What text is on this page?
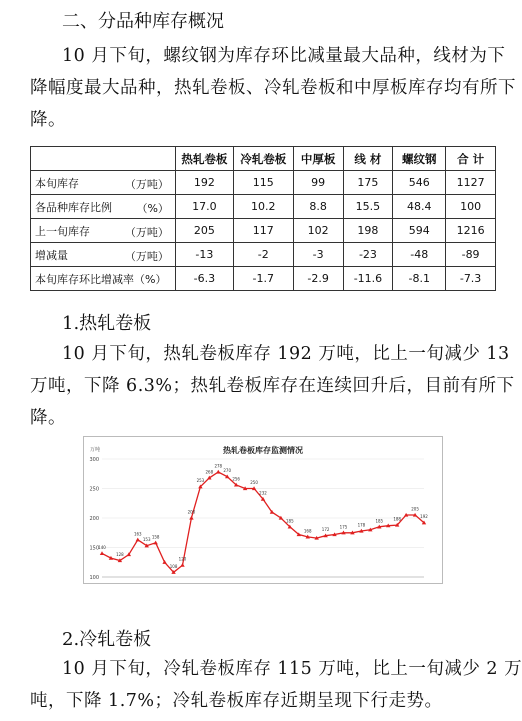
二、分品种库存概况
10 月下旬，螺纹钢为库存环比减量最大品种，线材为下
降幅度最大品种，热轧卷板、冷轧卷板和中厚板库存均有所下
降。
	热轧卷板	冷轧卷板	中厚板	线 材	螺纹钢	合 计
本旬库存 （万吨）	192	115	99	175	546	1127
各品种库存比例 （%）	17.0	10.2	8.8	15.5	48.4	100
上一旬库存 （万吨）	205	117	102	198	594	1216
增减量 （万吨）	-13	-2	-3	-23	-48	-89
本旬库存环比增减率（%）	-6.3	-1.7	-2.9	-11.6	-8.1	-7.3
1.热轧卷板
10 月下旬，热轧卷板库存 192 万吨，比上一旬减少 13
万吨，下降 6.3%；热轧卷板库存在连续回升后，目前有所下
降。
热轧卷板库存监测情况
万吨
100
150
200
250
300
140
128
163
153
158
108
120
200
253
268
278
270
256
250
232
185
168	172
175	178
185	188
205
192
2.冷轧卷板
10 月下旬，冷轧卷板库存 115 万吨，比上一旬减少 2 万
吨，下降 1.7%；冷轧卷板库存近期呈现下行走势。
